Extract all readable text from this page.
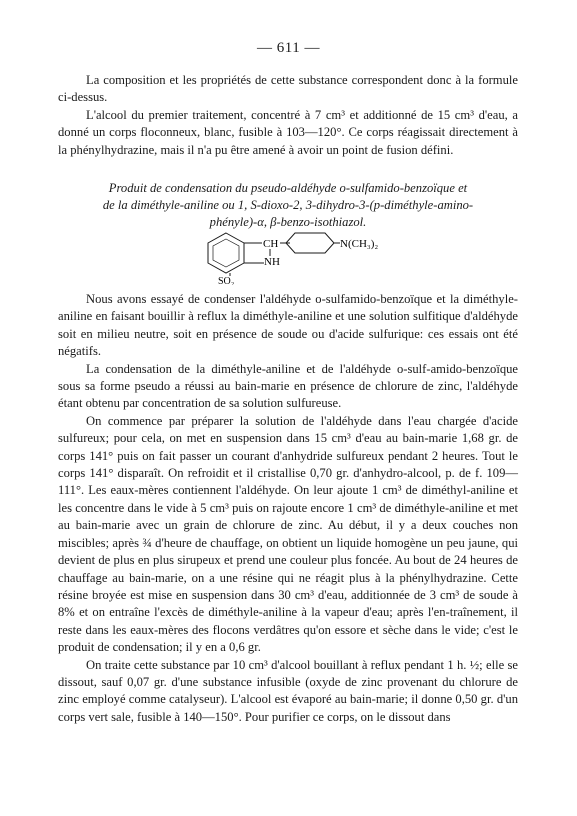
— 611 —

La composition et les propriétés de cette substance correspondent donc à la formule ci-dessus.

L'alcool du premier traitement, concentré à 7 cm³ et additionné de 15 cm³ d'eau, a donné un corps floconneux, blanc, fusible à 103—120°. Ce corps réagissait directement à la phénylhydrazine, mais il n'a pu être amené à avoir un point de fusion défini.

Produit de condensation du pseudo-aldéhyde o-sulfamido-benzoïque et
de la diméthyle-aniline ou 1, S-dioxo-2, 3-dihydro-3-(p-diméthyle-amino-
phényle)-α, β-benzo-isothiazol.
CH
NH
SO₂
N(CH₃)₂

Nous avons essayé de condenser l'aldéhyde o-sulfamido-benzoïque et la diméthyle-aniline en faisant bouillir à reflux la diméthyle-aniline et une solution sulfitique d'aldéhyde soit en milieu neutre, soit en présence de soude ou d'acide sulfurique: ces essais ont été négatifs.

La condensation de la diméthyle-aniline et de l'aldéhyde o-sulf-amido-benzoïque sous sa forme pseudo a réussi au bain-marie en présence de chlorure de zinc, l'aldéhyde étant obtenu par concentration de sa solution sulfureuse.

On commence par préparer la solution de l'aldéhyde dans l'eau chargée d'acide sulfureux; pour cela, on met en suspension dans 15 cm³ d'eau au bain-marie 1,68 gr. de corps 141° puis on fait passer un courant d'anhydride sulfureux pendant 2 heures. Tout le corps 141° disparaît. On refroidit et il cristallise 0,70 gr. d'anhydro-alcool, p. de f. 109—111°. Les eaux-mères contiennent l'aldéhyde. On leur ajoute 1 cm³ de diméthyl-aniline et les concentre dans le vide à 5 cm³ puis on rajoute encore 1 cm³ de diméthyle-aniline et met au bain-marie avec un grain de chlorure de zinc. Au début, il y a deux couches non miscibles; après ¾ d'heure de chauffage, on obtient un liquide homogène un peu jaune, qui devient de plus en plus sirupeux et prend une couleur plus foncée. Au bout de 24 heures de chauffage au bain-marie, on a une résine qui ne réagit plus à la phénylhydrazine. Cette résine broyée est mise en suspension dans 30 cm³ d'eau, additionnée de 3 cm³ de soude à 8% et on entraîne l'excès de diméthyle-aniline à la vapeur d'eau; après l'en-traînement, il reste dans les eaux-mères des flocons verdâtres qu'on essore et sèche dans le vide; c'est le produit de condensation; il y en a 0,6 gr.

On traite cette substance par 10 cm³ d'alcool bouillant à reflux pendant 1 h. ½; elle se dissout, sauf 0,07 gr. d'une substance infusible (oxyde de zinc provenant du chlorure de zinc employé comme catalyseur). L'alcool est évaporé au bain-marie; il donne 0,50 gr. d'un corps vert sale, fusible à 140—150°. Pour purifier ce corps, on le dissout dans
